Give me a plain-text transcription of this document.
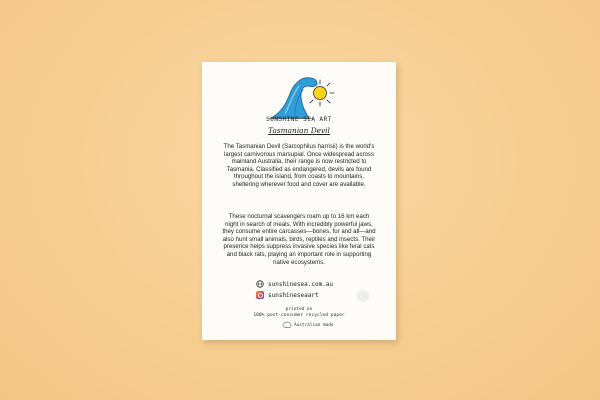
SUNSHINE SEA ART
Tasmanian Devil
The Tasmanian Devil (Sarcophilus harrisii) is the world's largest carnivorous marsupial. Once widespread across mainland Australia, their range is now restricted to Tasmania. Classified as endangered, devils are found throughout the island, from coasts to mountains, sheltering wherever food and cover are available.
These nocturnal scavengers roam up to 16 km each night in search of meals. With incredibly powerful jaws, they consume entire carcasses—bones, fur and all—and also hunt small animals, birds, reptiles and insects. Their presence helps suppress invasive species like feral cats and black rats, playing an important role in supporting native ecosystems.
sunshinesea.com.au
sunshineseaart
printed on
100% post-consumer recycled paper
Australian made
